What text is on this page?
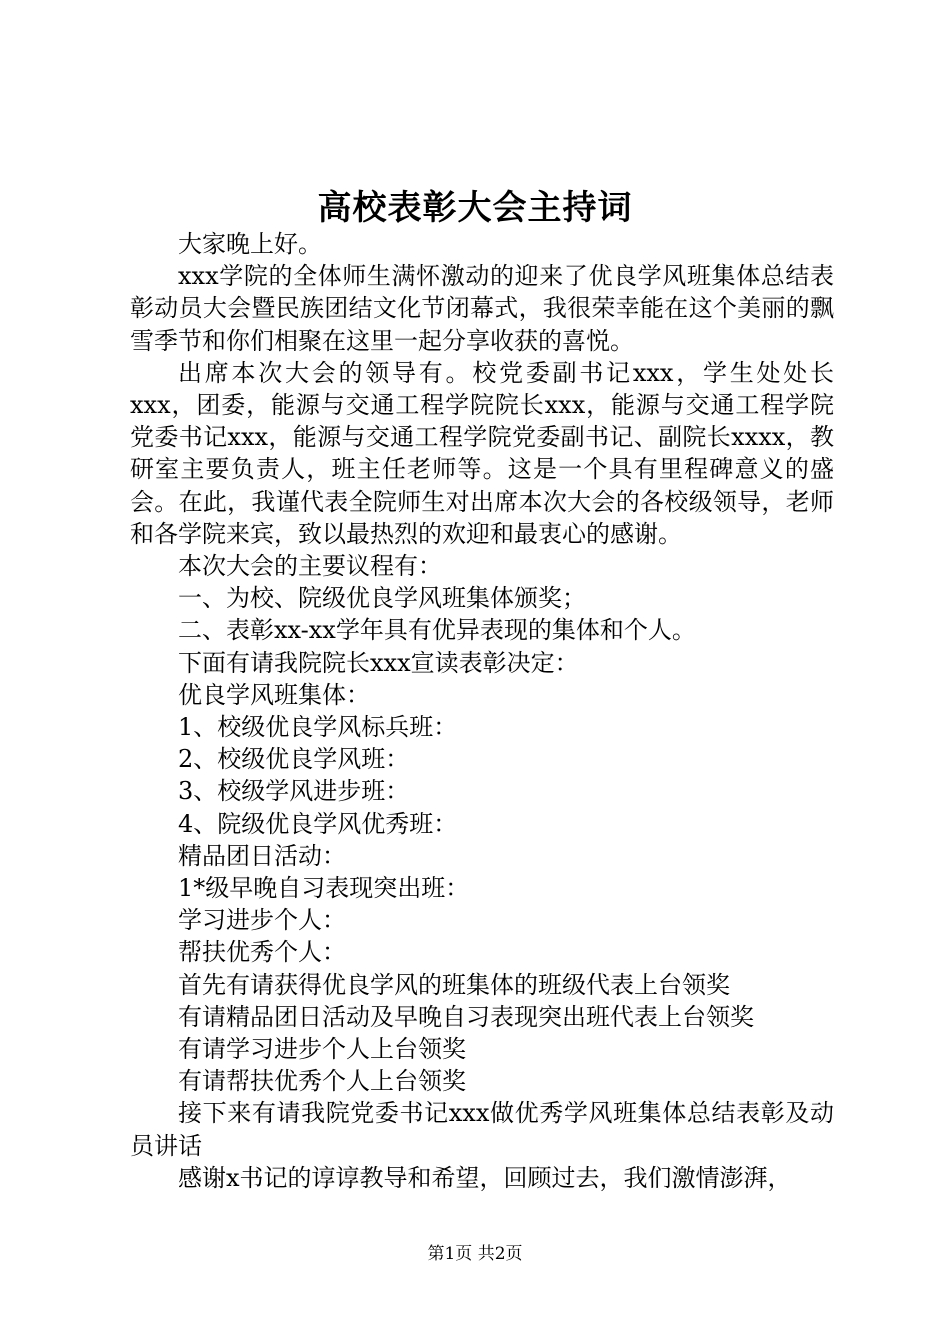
高校表彰大会主持词

大家晚上好。

xxx学院的全体师生满怀激动的迎来了优良学风班集体总结表彰动员大会暨民族团结文化节闭幕式，我很荣幸能在这个美丽的飘雪季节和你们相聚在这里一起分享收获的喜悦。

出席本次大会的领导有。校党委副书记xxx，学生处处长xxx，团委，能源与交通工程学院院长xxx，能源与交通工程学院党委书记xxx，能源与交通工程学院党委副书记、副院长xxxx，教研室主要负责人，班主任老师等。这是一个具有里程碑意义的盛会。在此，我谨代表全院师生对出席本次大会的各校级领导，老师和各学院来宾，致以最热烈的欢迎和最衷心的感谢。

本次大会的主要议程有：

一、为校、院级优良学风班集体颁奖；

二、表彰xx-xx学年具有优异表现的集体和个人。

下面有请我院院长xxx宣读表彰决定：

优良学风班集体：

1、校级优良学风标兵班：

2、校级优良学风班：

3、校级学风进步班：

4、院级优良学风优秀班：

精品团日活动：

1*级早晚自习表现突出班：

学习进步个人：

帮扶优秀个人：

首先有请获得优良学风的班集体的班级代表上台领奖

有请精品团日活动及早晚自习表现突出班代表上台领奖

有请学习进步个人上台领奖

有请帮扶优秀个人上台领奖

接下来有请我院党委书记xxx做优秀学风班集体总结表彰及动员讲话

感谢x书记的谆谆教导和希望，回顾过去，我们激情澎湃，

第1页 共2页
